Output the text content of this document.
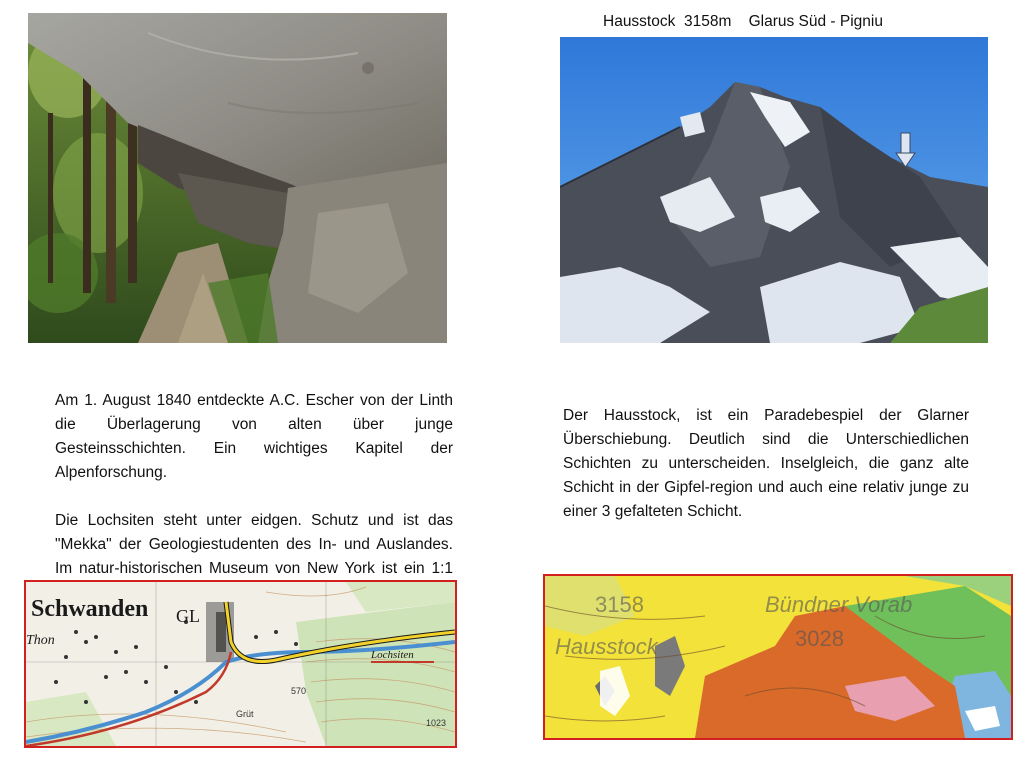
Hausstock  3158m    Glarus Süd - Pigniu

Am 1. August 1840 entdeckte A.C. Escher von der Linth die Überlagerung von alten über junge Gesteinsschichten. Ein wichtiges Kapitel der Alpenforschung.

Die Lochsiten steht unter eidgen. Schutz und ist das "Mekka" der Geologiestudenten des In- und Auslandes. Im natur-historischen Museum von New York ist ein 1:1

Der Hausstock, ist ein Paradebespiel der Glarner Überschiebung. Deutlich sind die Unterschiedlichen Schichten zu unterscheiden. Inselgleich, die ganz alte Schicht in der Gipfel-region und auch eine relativ junge zu einer 3 gefalteten Schicht.

Schwanden GL
Thon
Lochsiten
570
Grüt
1023
3158
Hausstock
Bündner Vorab
3028
